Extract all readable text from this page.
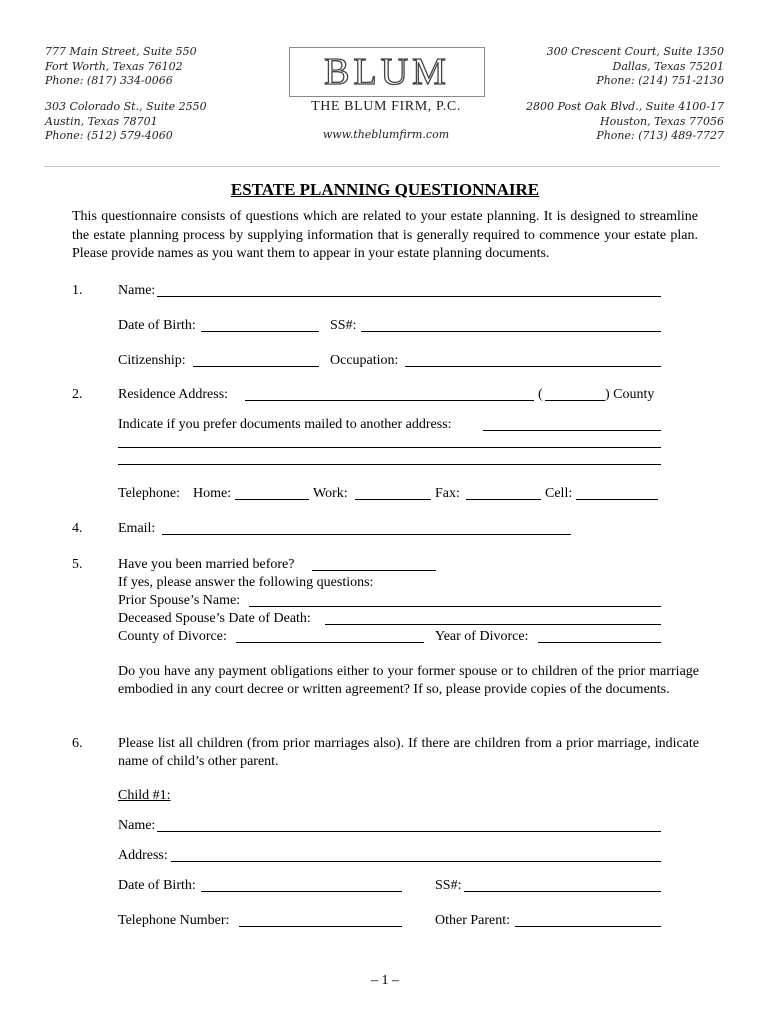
777 Main Street, Suite 550
Fort Worth, Texas 76102
Phone: (817) 334-0066
303 Colorado St., Suite 2550
Austin, Texas 78701
Phone: (512) 579-4060
300 Crescent Court, Suite 1350
Dallas, Texas 75201
Phone: (214) 751-2130
2800 Post Oak Blvd., Suite 4100-17
Houston, Texas 77056
Phone: (713) 489-7727
BLUM
THE BLUM FIRM, P.C.
www.theblumfirm.com
ESTATE PLANNING QUESTIONNAIRE
This questionnaire consists of questions which are related to your estate planning. It is designed to streamline the estate planning process by supplying information that is generally required to commence your estate plan. Please provide names as you want them to appear in your estate planning documents.
1.	Name:
Date of Birth:	SS#:
Citizenship:	Occupation:
2.	Residence Address:	(	) County
Indicate if you prefer documents mailed to another address:
Telephone: Home:	Work:	Fax:	Cell:
4.	Email:
5.	Have you been married before?
If yes, please answer the following questions:
Prior Spouse’s Name:
Deceased Spouse’s Date of Death:
County of Divorce:	Year of Divorce:
Do you have any payment obligations either to your former spouse or to children of the prior marriage embodied in any court decree or written agreement? If so, please provide copies of the documents.
6.	Please list all children (from prior marriages also). If there are children from a prior marriage, indicate name of child’s other parent.
Child #1:
Name:
Address:
Date of Birth:	SS#:
Telephone Number:	Other Parent:
– 1 –
